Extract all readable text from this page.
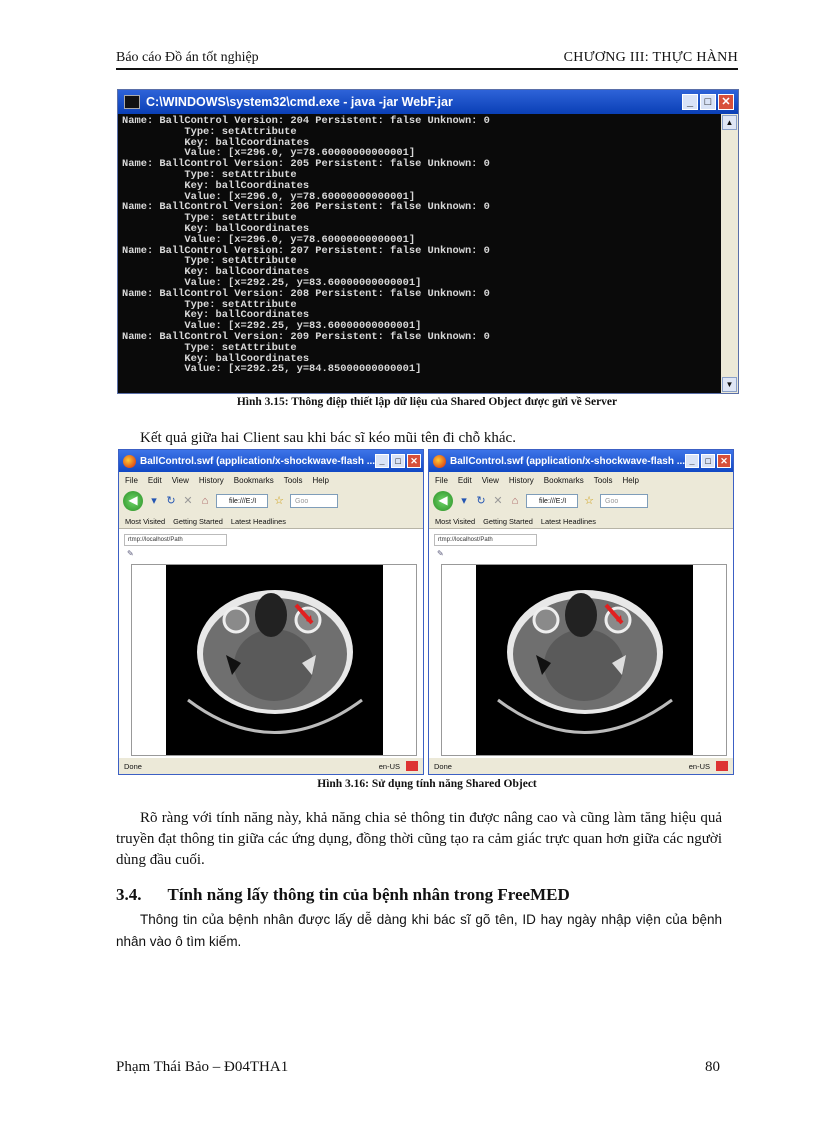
Báo cáo Đồ án tốt nghiệp	CHƯƠNG III: THỰC HÀNH
C:\WINDOWS\system32\cmd.exe - java -jar WebF.jar	_	□ ✕
Name: BallControl Version: 204 Persistent: false Unknown: 0
Type: setAttribute
Key: ballCoordinates
Value: [x=296.0, y=78.60000000000001]
Name: BallControl Version: 205 Persistent: false Unknown: 0
Type: setAttribute
Key: ballCoordinates
Value: [x=296.0, y=78.60000000000001]
Name: BallControl Version: 206 Persistent: false Unknown: 0
Type: setAttribute
Key: ballCoordinates
Value: [x=296.0, y=78.60000000000001]
Name: BallControl Version: 207 Persistent: false Unknown: 0
Type: setAttribute
Key: ballCoordinates
Value: [x=292.25, y=83.60000000000001]
Name: BallControl Version: 208 Persistent: false Unknown: 0
Type: setAttribute
Key: ballCoordinates
Value: [x=292.25, y=83.60000000000001]
Name: BallControl Version: 209 Persistent: false Unknown: 0
Type: setAttribute
Key: ballCoordinates
Value: [x=292.25, y=84.85000000000001]
▲
▼
Hình 3.15: Thông điệp thiết lập dữ liệu của Shared Object được gửi về Server
Kết quả giữa hai Client sau khi bác sĩ kéo mũi tên đi chỗ khác.
BallControl.swf (application/x-shockwave-flash ... _	□	✕
File Edit View History Bookmarks Tools Help
◀	▾ ↻ ✕ ⌂	file:///E:/I	☆	Goo
Most Visited Getting Started Latest Headlines
rtmp://localhost/Path
✎
Done	en-US
BallControl.swf (application/x-shockwave-flash ... _	□	✕
File Edit View History Bookmarks Tools Help
◀	▾ ↻ ✕ ⌂	file:///E:/I	☆	Goo
Most Visited Getting Started Latest Headlines
rtmp://localhost/Path
✎
Done	en-US
Hình 3.16: Sử dụng tính năng Shared Object
Rõ ràng với tính năng này, khả năng chia sẻ thông tin được nâng cao và cũng làm tăng hiệu quả truyền đạt thông tin giữa các ứng dụng, đồng thời cũng tạo ra cảm giác trực quan hơn giữa các người dùng đầu cuối.
3.4. Tính năng lấy thông tin của bệnh nhân trong FreeMED
Thông tin của bệnh nhân được lấy dễ dàng khi bác sĩ gõ tên, ID hay ngày nhập viện của bệnh nhân vào ô tìm kiếm.
Phạm Thái Bảo – Đ04THA1	80
